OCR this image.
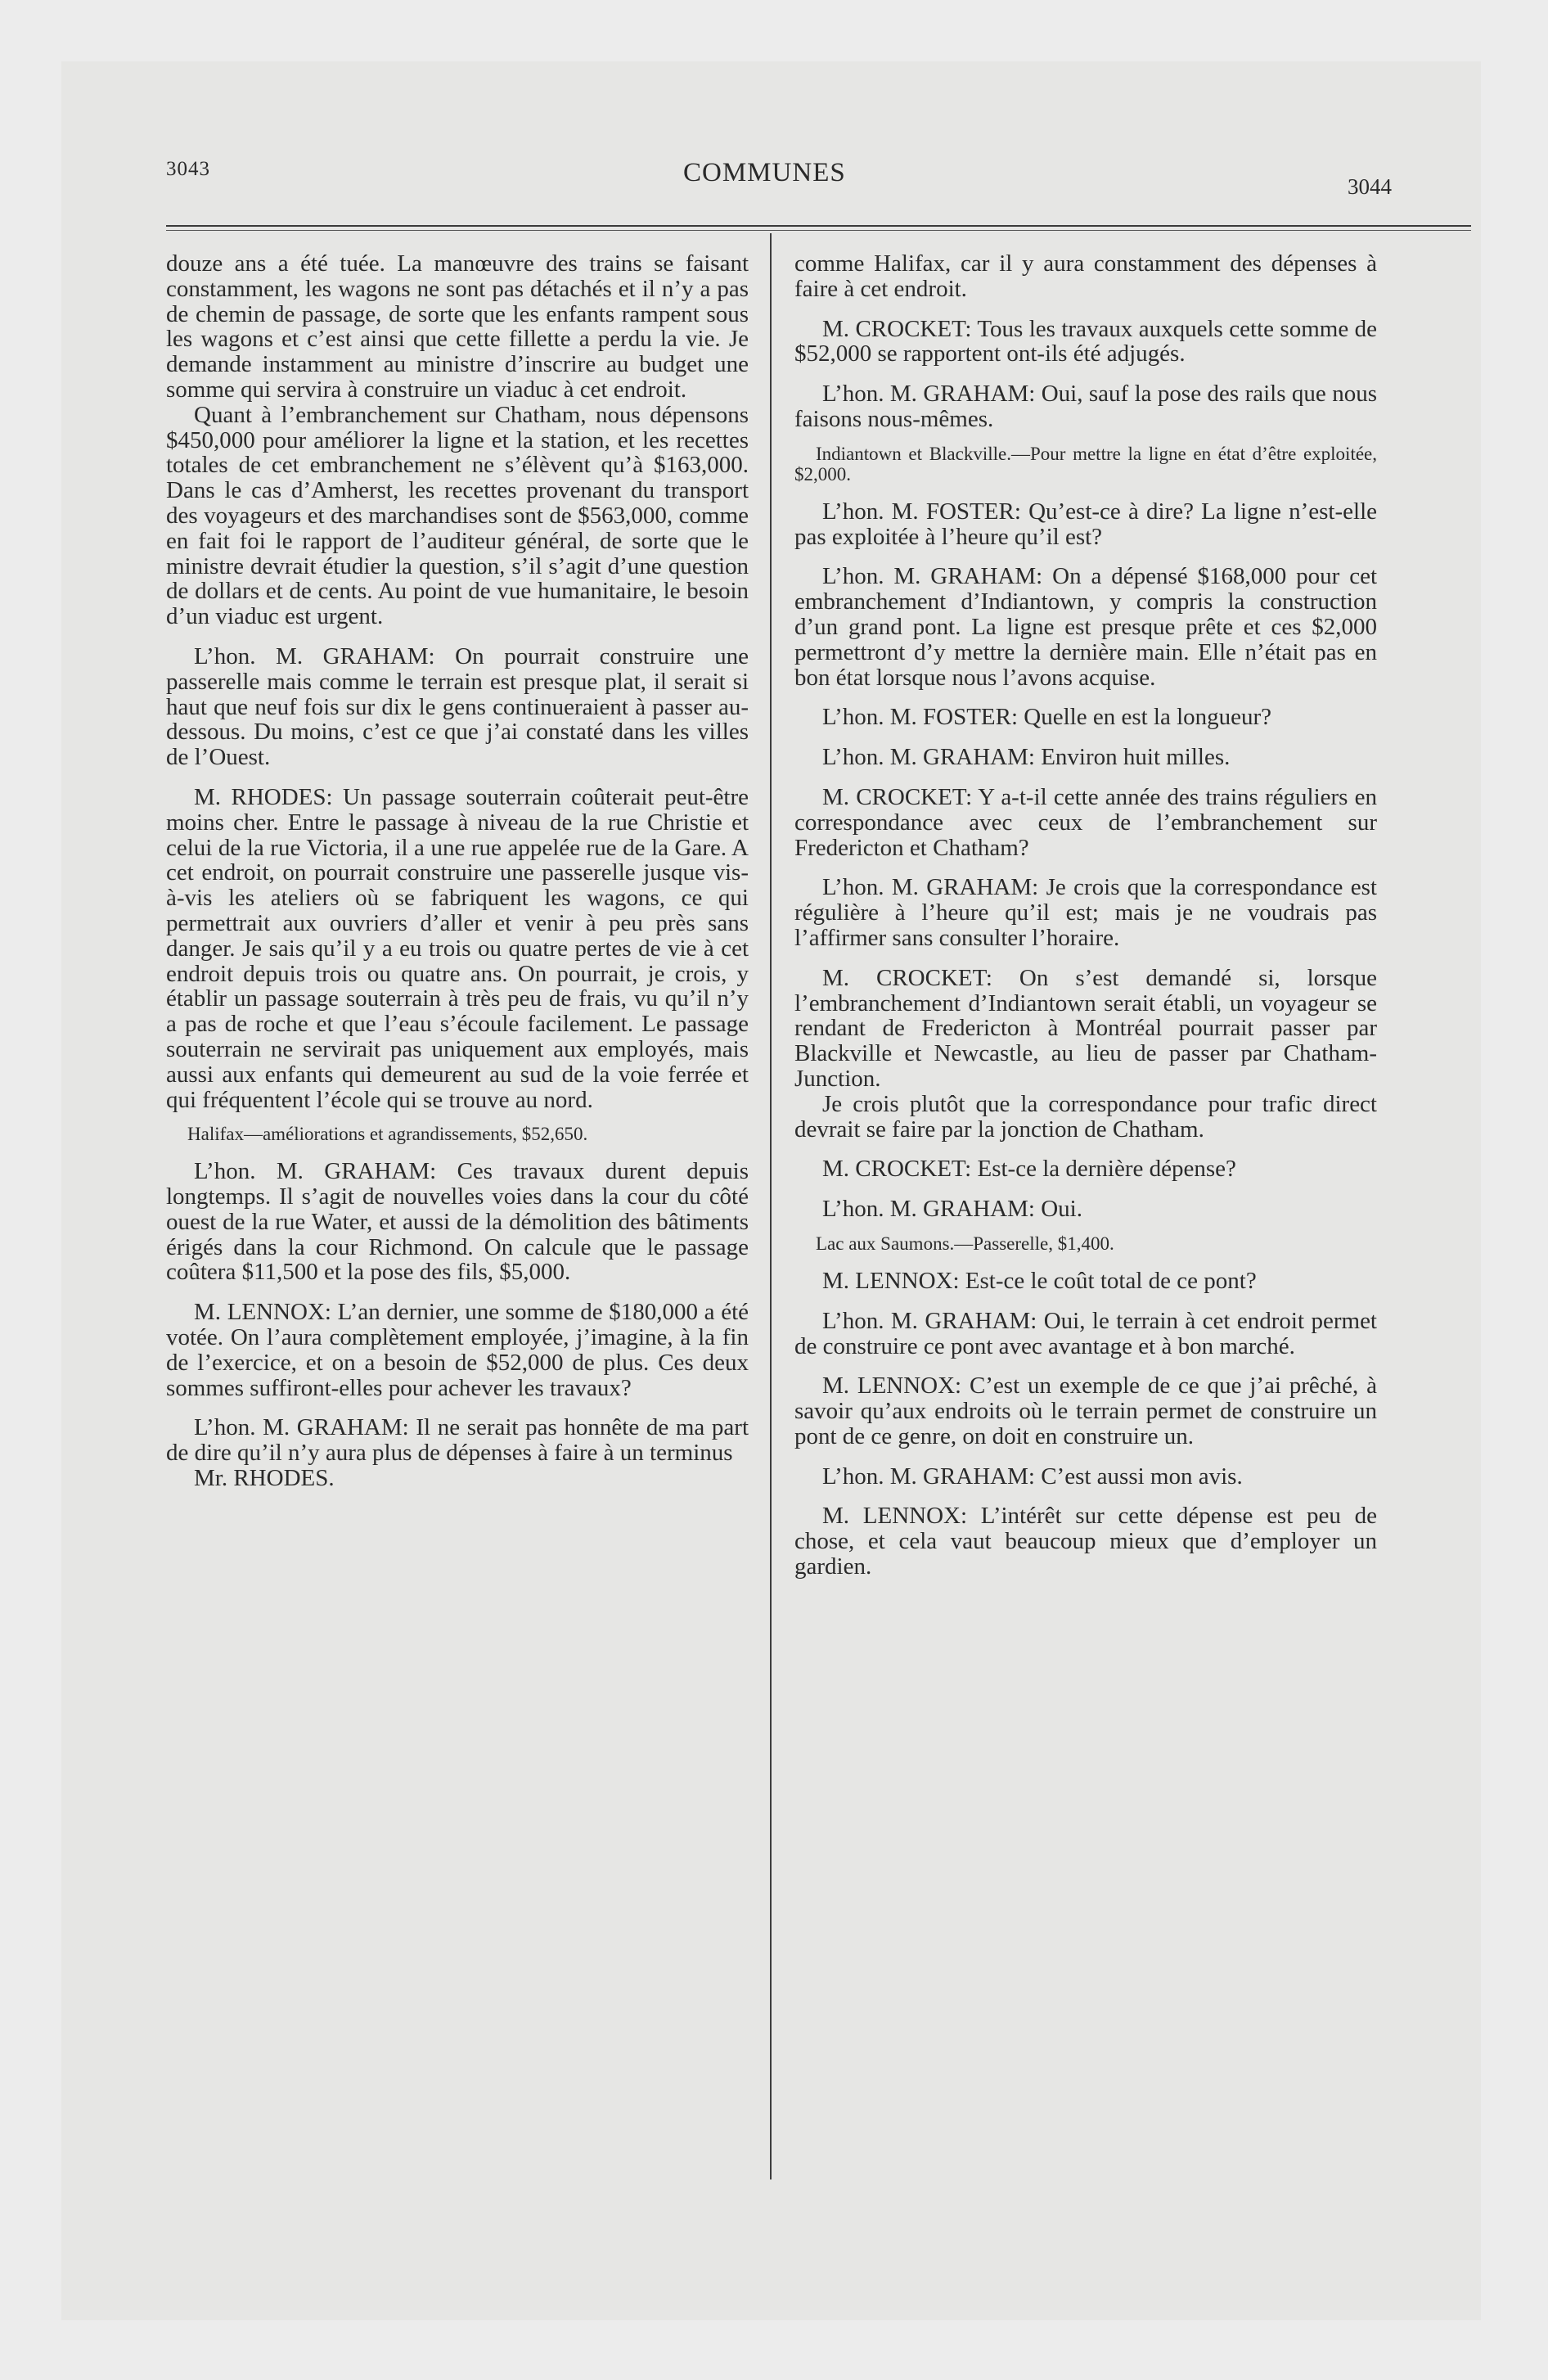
3043	COMMUNES	3044

douze ans a été tuée. La manœuvre des trains se faisant constamment, les wagons ne sont pas détachés et il n’y a pas de chemin de passage, de sorte que les enfants rampent sous les wagons et c’est ainsi que cette fillette a perdu la vie. Je demande instamment au ministre d’inscrire au budget une somme qui servira à construire un viaduc à cet endroit.

Quant à l’embranchement sur Chatham, nous dépensons $450,000 pour améliorer la ligne et la station, et les recettes totales de cet embranchement ne s’élèvent qu’à $163,000. Dans le cas d’Amherst, les recettes provenant du transport des voyageurs et des marchandises sont de $563,000, comme en fait foi le rapport de l’auditeur général, de sorte que le ministre devrait étudier la question, s’il s’agit d’une question de dollars et de cents. Au point de vue humanitaire, le besoin d’un viaduc est urgent.

L’hon. M. GRAHAM: On pourrait construire une passerelle mais comme le terrain est presque plat, il serait si haut que neuf fois sur dix le gens continueraient à passer au-dessous. Du moins, c’est ce que j’ai constaté dans les villes de l’Ouest.

M. RHODES: Un passage souterrain coûterait peut-être moins cher. Entre le passage à niveau de la rue Christie et celui de la rue Victoria, il a une rue appelée rue de la Gare. A cet endroit, on pourrait construire une passerelle jusque vis-à-vis les ateliers où se fabriquent les wagons, ce qui permettrait aux ouvriers d’aller et venir à peu près sans danger. Je sais qu’il y a eu trois ou quatre pertes de vie à cet endroit depuis trois ou quatre ans. On pourrait, je crois, y établir un passage souterrain à très peu de frais, vu qu’il n’y a pas de roche et que l’eau s’écoule facilement. Le passage souterrain ne servirait pas uniquement aux employés, mais aussi aux enfants qui demeurent au sud de la voie ferrée et qui fréquentent l’école qui se trouve au nord.

Halifax—améliorations et agrandissements, $52,650.

L’hon. M. GRAHAM: Ces travaux durent depuis longtemps. Il s’agit de nouvelles voies dans la cour du côté ouest de la rue Water, et aussi de la démolition des bâtiments érigés dans la cour Richmond. On calcule que le passage coûtera $11,500 et la pose des fils, $5,000.

M. LENNOX: L’an dernier, une somme de $180,000 a été votée. On l’aura complètement employée, j’imagine, à la fin de l’exercice, et on a besoin de $52,000 de plus. Ces deux sommes suffiront-elles pour achever les travaux?

L’hon. M. GRAHAM: Il ne serait pas honnête de ma part de dire qu’il n’y aura plus de dépenses à faire à un terminus

Mr. RHODES.

comme Halifax, car il y aura constamment des dépenses à faire à cet endroit.

M. CROCKET: Tous les travaux auxquels cette somme de $52,000 se rapportent ont-ils été adjugés.

L’hon. M. GRAHAM: Oui, sauf la pose des rails que nous faisons nous-mêmes.

Indiantown et Blackville.—Pour mettre la ligne en état d’être exploitée, $2,000.

L’hon. M. FOSTER: Qu’est-ce à dire? La ligne n’est-elle pas exploitée à l’heure qu’il est?

L’hon. M. GRAHAM: On a dépensé $168,000 pour cet embranchement d’Indiantown, y compris la construction d’un grand pont. La ligne est presque prête et ces $2,000 permettront d’y mettre la dernière main. Elle n’était pas en bon état lorsque nous l’avons acquise.

L’hon. M. FOSTER: Quelle en est la longueur?

L’hon. M. GRAHAM: Environ huit milles.

M. CROCKET: Y a-t-il cette année des trains réguliers en correspondance avec ceux de l’embranchement sur Fredericton et Chatham?

L’hon. M. GRAHAM: Je crois que la correspondance est régulière à l’heure qu’il est; mais je ne voudrais pas l’affirmer sans consulter l’horaire.

M. CROCKET: On s’est demandé si, lorsque l’embranchement d’Indiantown serait établi, un voyageur se rendant de Fredericton à Montréal pourrait passer par Blackville et Newcastle, au lieu de passer par Chatham-Junction.

Je crois plutôt que la correspondance pour trafic direct devrait se faire par la jonction de Chatham.

M. CROCKET: Est-ce la dernière dépense?

L’hon. M. GRAHAM: Oui.

Lac aux Saumons.—Passerelle, $1,400.

M. LENNOX: Est-ce le coût total de ce pont?

L’hon. M. GRAHAM: Oui, le terrain à cet endroit permet de construire ce pont avec avantage et à bon marché.

M. LENNOX: C’est un exemple de ce que j’ai prêché, à savoir qu’aux endroits où le terrain permet de construire un pont de ce genre, on doit en construire un.

L’hon. M. GRAHAM: C’est aussi mon avis.

M. LENNOX: L’intérêt sur cette dépense est peu de chose, et cela vaut beaucoup mieux que d’employer un gardien.
